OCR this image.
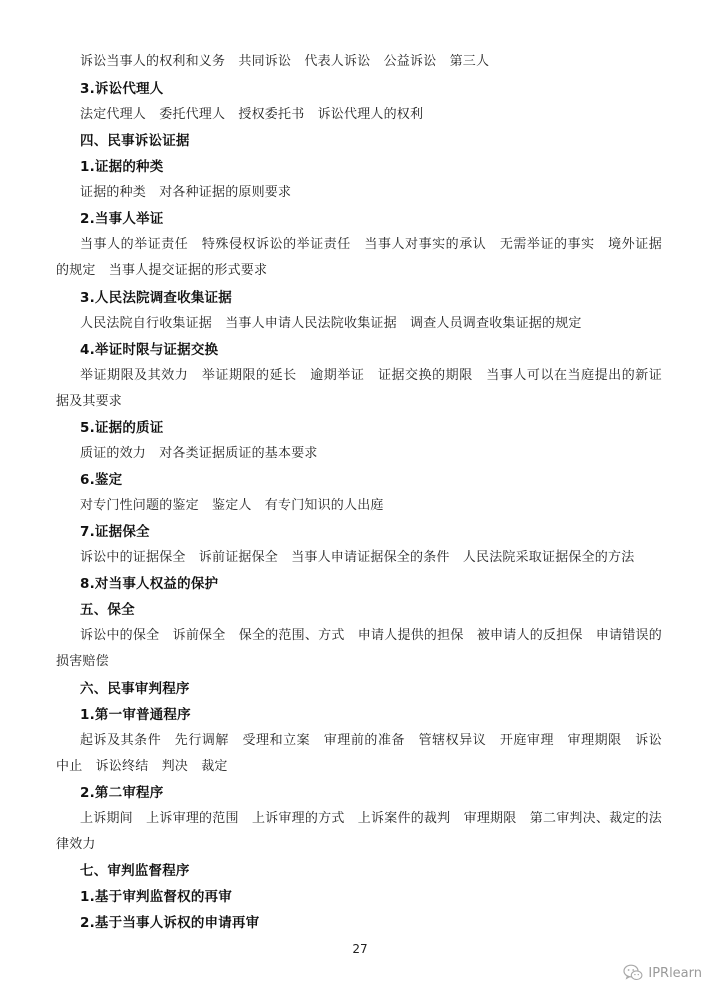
诉讼当事人的权利和义务　共同诉讼　代表人诉讼　公益诉讼　第三人
3.诉讼代理人
法定代理人　委托代理人　授权委托书　诉讼代理人的权利
四、民事诉讼证据
1.证据的种类
证据的种类　对各种证据的原则要求
2.当事人举证
当事人的举证责任　特殊侵权诉讼的举证责任　当事人对事实的承认　无需举证的事实　境外证据
的规定　当事人提交证据的形式要求
3.人民法院调查收集证据
人民法院自行收集证据　当事人申请人民法院收集证据　调查人员调查收集证据的规定
4.举证时限与证据交换
举证期限及其效力　举证期限的延长　逾期举证　证据交换的期限　当事人可以在当庭提出的新证
据及其要求
5.证据的质证
质证的效力　对各类证据质证的基本要求
6.鉴定
对专门性问题的鉴定　鉴定人　有专门知识的人出庭
7.证据保全
诉讼中的证据保全　诉前证据保全　当事人申请证据保全的条件　人民法院采取证据保全的方法
8.对当事人权益的保护
五、保全
诉讼中的保全　诉前保全　保全的范围、方式　申请人提供的担保　被申请人的反担保　申请错误的
损害赔偿
六、民事审判程序
1.第一审普通程序
起诉及其条件　先行调解　受理和立案　审理前的准备　管辖权异议　开庭审理　审理期限　诉讼
中止　诉讼终结　判决　裁定
2.第二审程序
上诉期间　上诉审理的范围　上诉审理的方式　上诉案件的裁判　审理期限　第二审判决、裁定的法
律效力
七、审判监督程序
1.基于审判监督权的再审
2.基于当事人诉权的申请再审
27
IPRlearn
